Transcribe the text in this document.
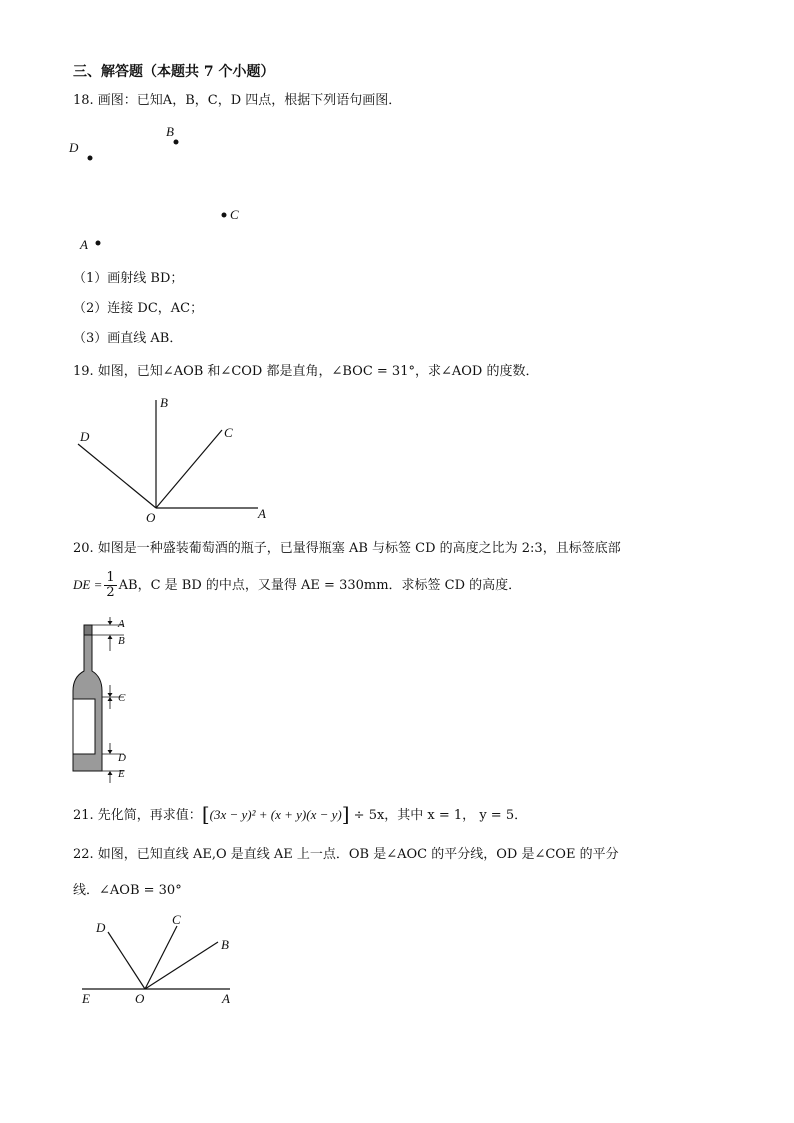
三、解答题（本题共 7 个小题）
18. 画图：已知A，B，C，D 四点，根据下列语句画图．
D
B
C
A
（1）画射线 BD；
（2）连接 DC，AC；
（3）画直线 AB．
19. 如图，已知∠AOB 和∠COD 都是直角，∠BOC = 31°，求∠AOD 的度数．
B
C
D
O	A
20. 如图是一种盛装葡萄酒的瓶子，已量得瓶塞 AB 与标签 CD 的高度之比为 2:3，且标签底部
DE = $\frac{1}{2}$ AB，C 是 BD 的中点，又量得 AE = 330mm．求标签 CD 的高度．
A
B
C
D
E
21. 先化简，再求值：[(3x − y)² + (x + y)(x − y)] ÷ 5x，其中 x = 1， y = 5．
22. 如图，已知直线 AE,O 是直线 AE 上一点．OB 是∠AOC 的平分线，OD 是∠COE 的平分
线．∠AOB = 30°
D
C
B
E	O	A
